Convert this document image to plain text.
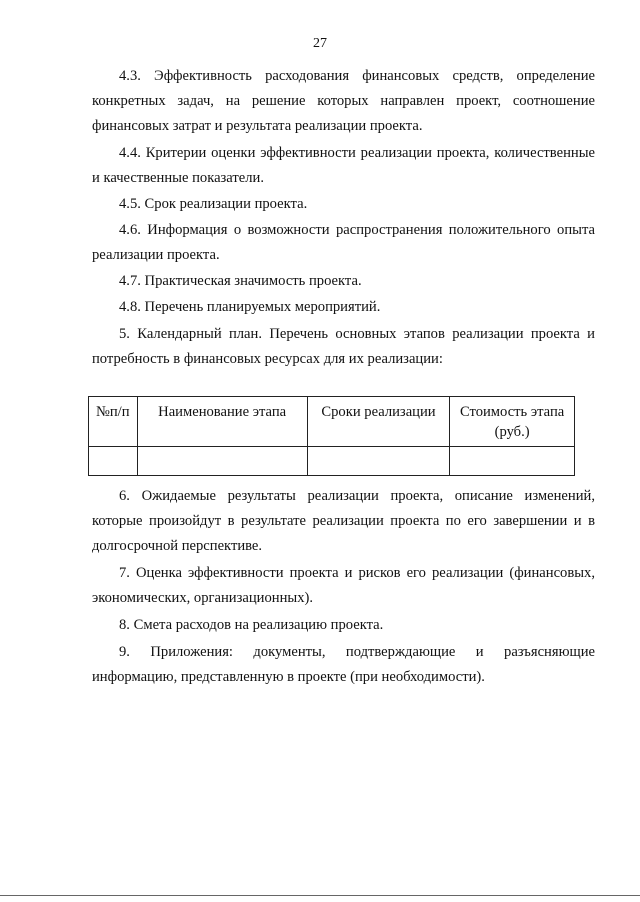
27

4.3. Эффективность расходования финансовых средств, определение конкретных задач, на решение которых направлен проект, соотношение финансовых затрат и результата реализации проекта.

4.4. Критерии оценки эффективности реализации проекта, количественные и качественные показатели.

4.5. Срок реализации проекта.

4.6. Информация о возможности распространения положительного опыта реализации проекта.

4.7. Практическая значимость проекта.

4.8. Перечень планируемых мероприятий.

5. Календарный план. Перечень основных этапов реализации проекта и потребность в финансовых ресурсах для их реализации:

№п/п	Наименование этапа	Сроки реализации	Стоимость этапа (руб.)

6. Ожидаемые результаты реализации проекта, описание изменений, которые произойдут в результате реализации проекта по его завершении и в долгосрочной перспективе.

7. Оценка эффективности проекта и рисков его реализации (финансовых, экономических, организационных).

8. Смета расходов на реализацию проекта.

9. Приложения: документы, подтверждающие и разъясняющие информацию, представленную в проекте (при необходимости).
